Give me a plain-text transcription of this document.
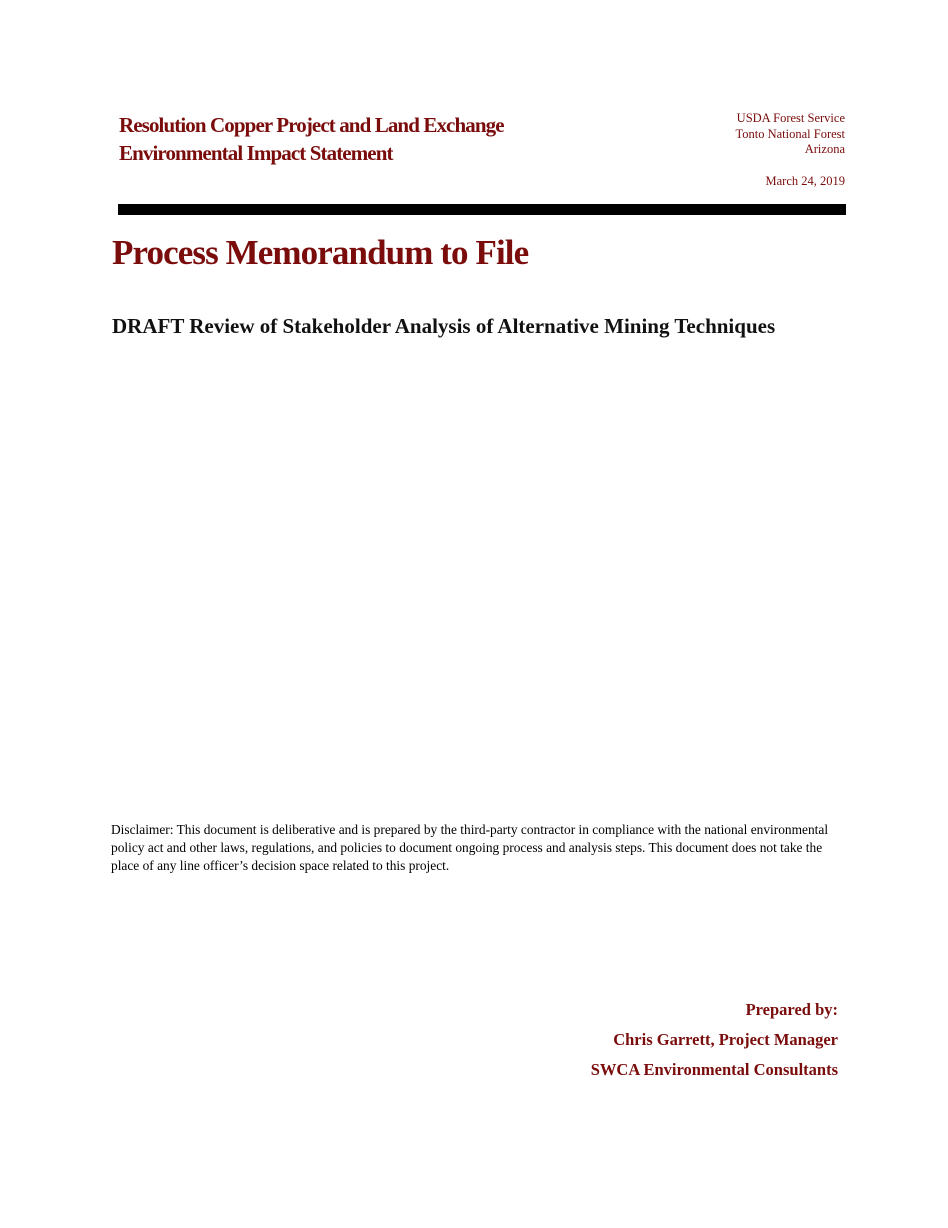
Resolution Copper Project and Land Exchange
Environmental Impact Statement
USDA Forest Service
Tonto National Forest
Arizona
March 24, 2019
Process Memorandum to File
DRAFT Review of Stakeholder Analysis of Alternative Mining Techniques
Disclaimer: This document is deliberative and is prepared by the third-party contractor in compliance with the national environmental policy act and other laws, regulations, and policies to document ongoing process and analysis steps. This document does not take the place of any line officer’s decision space related to this project.
Prepared by:
Chris Garrett, Project Manager
SWCA Environmental Consultants
